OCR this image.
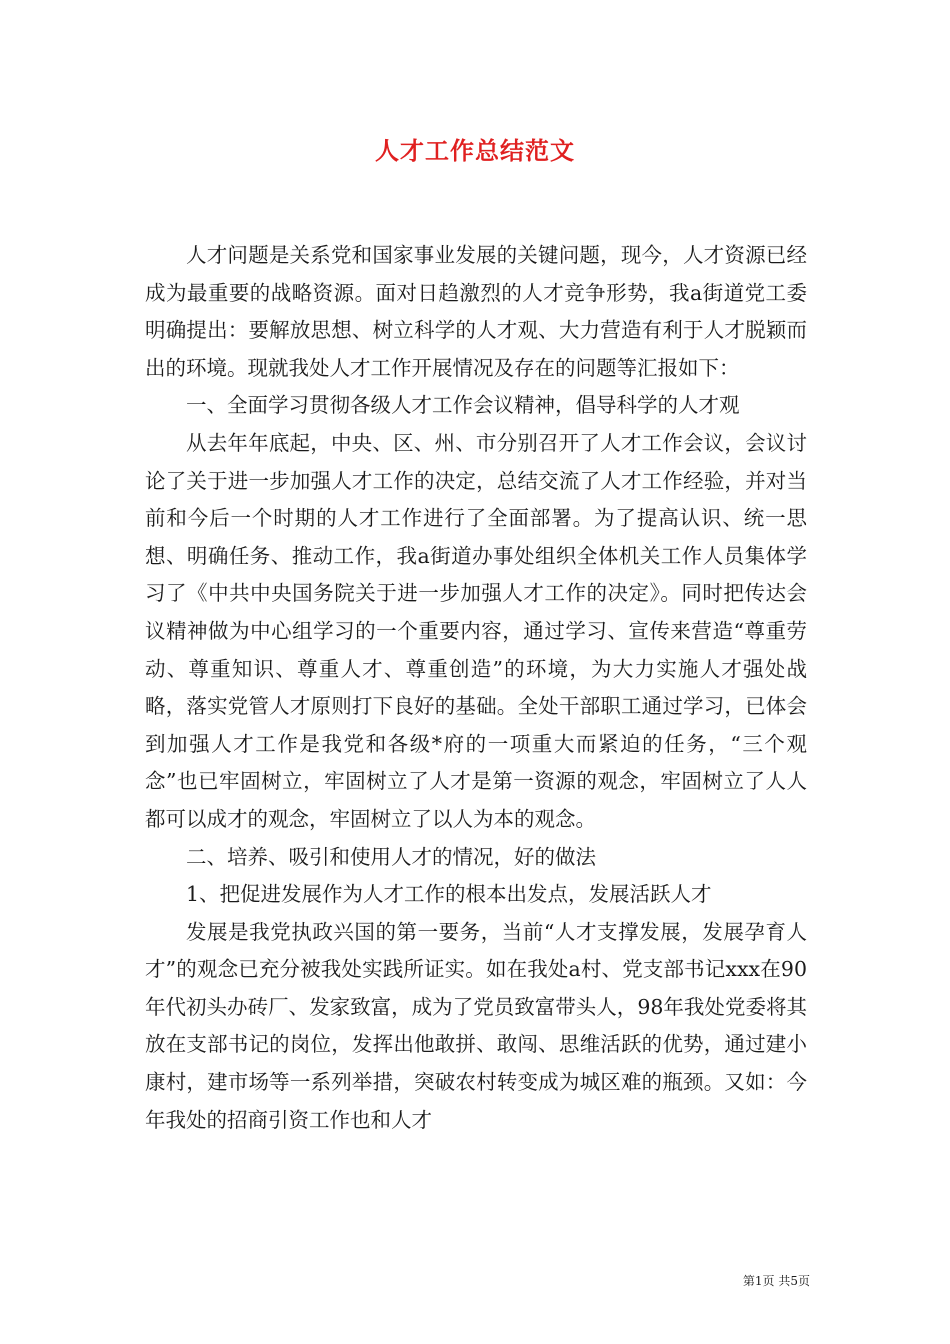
人才工作总结范文

人才问题是关系党和国家事业发展的关键问题，现今，人才资源已经成为最重要的战略资源。面对日趋激烈的人才竞争形势，我a街道党工委明确提出：要解放思想、树立科学的人才观、大力营造有利于人才脱颖而出的环境。现就我处人才工作开展情况及存在的问题等汇报如下：

一、全面学习贯彻各级人才工作会议精神，倡导科学的人才观

从去年年底起，中央、区、州、市分别召开了人才工作会议，会议讨论了关于进一步加强人才工作的决定，总结交流了人才工作经验，并对当前和今后一个时期的人才工作进行了全面部署。为了提高认识、统一思想、明确任务、推动工作，我a街道办事处组织全体机关工作人员集体学习了《中共中央国务院关于进一步加强人才工作的决定》。同时把传达会议精神做为中心组学习的一个重要内容，通过学习、宣传来营造“尊重劳动、尊重知识、尊重人才、尊重创造”的环境，为大力实施人才强处战略，落实党管人才原则打下良好的基础。全处干部职工通过学习，已体会到加强人才工作是我党和各级*府的一项重大而紧迫的任务，“三个观念”也已牢固树立，牢固树立了人才是第一资源的观念，牢固树立了人人都可以成才的观念，牢固树立了以人为本的观念。

二、培养、吸引和使用人才的情况，好的做法

1、把促进发展作为人才工作的根本出发点，发展活跃人才

发展是我党执政兴国的第一要务，当前“人才支撑发展，发展孕育人才”的观念已充分被我处实践所证实。如在我处a村、党支部书记xxx在90年代初头办砖厂、发家致富，成为了党员致富带头人，98年我处党委将其放在支部书记的岗位，发挥出他敢拼、敢闯、思维活跃的优势，通过建小康村，建市场等一系列举措，突破农村转变成为城区难的瓶颈。又如：今年我处的招商引资工作也和人才

第1页 共5页
